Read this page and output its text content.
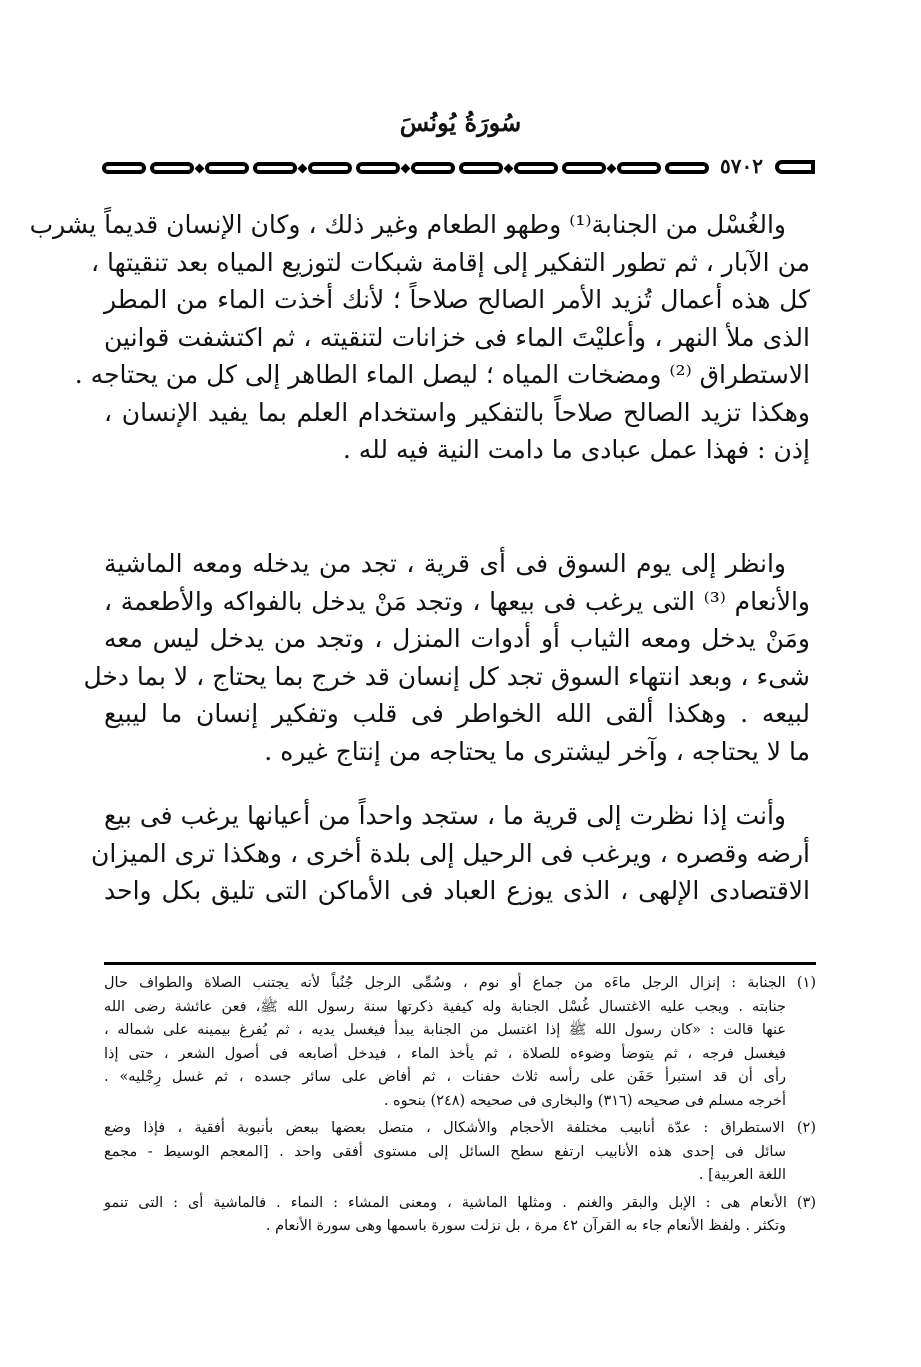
سُورَةُ يُونُسَ
٥٧٠٢
والغُسْل من الجنابة⁽¹⁾ وطهو الطعام وغير ذلك ، وكان الإنسان قديماً يشرب
من الآبار ، ثم تطور التفكير إلى إقامة شبكات لتوزيع المياه بعد تنقيتها ،
كل هذه أعمال تُزيد الأمر الصالح صلاحاً ؛ لأنك أخذت الماء من المطر
الذى ملأ النهر ، وأعليْتَ الماء فى خزانات لتنقيته ، ثم اكتشفت قوانين
الاستطراق ⁽²⁾ ومضخات المياه ؛ ليصل الماء الطاهر إلى كل من يحتاجه .
وهكذا تزيد الصالح صلاحاً بالتفكير واستخدام العلم بما يفيد الإنسان ،
إذن : فهذا عمل عبادى ما دامت النية فيه لله .
وانظر إلى يوم السوق فى أى قرية ، تجد من يدخله ومعه الماشية
والأنعام ⁽³⁾ التى يرغب فى بيعها ، وتجد مَنْ يدخل بالفواكه والأطعمة ،
ومَنْ يدخل ومعه الثياب أو أدوات المنزل ، وتجد من يدخل ليس معه
شىء ، وبعد انتهاء السوق تجد كل إنسان قد خرج بما يحتاج ، لا بما دخل
لبيعه . وهكذا ألقى الله الخواطر فى قلب وتفكير إنسان ما ليبيع
ما لا يحتاجه ، وآخر ليشترى ما يحتاجه من إنتاج غيره .
وأنت إذا نظرت إلى قرية ما ، ستجد واحداً من أعيانها يرغب فى بيع
أرضه وقصره ، ويرغب فى الرحيل إلى بلدة أخرى ، وهكذا ترى الميزان
الاقتصادى الإلهى ، الذى يوزع العباد فى الأماكن التى تليق بكل واحد
(١) الجنابة : إنزال الرجل ماءَه من جماع أو نوم ، وسُمِّى الرجل جُنُباً لأنه يجتنب الصلاة والطواف حال
جنابته . ويجب عليه الاغتسال غُسْل الجنابة وله كيفية ذكرتها سنة رسول الله ﷺ، فعن عائشة رضى الله
عنها قالت : «كان رسول الله ﷺ إذا اغتسل من الجنابة يبدأ فيغسل يديه ، ثم يُفرغ بيمينه على شماله ،
فيغسل فرجه ، ثم يتوضأ وضوءه للصلاة ، ثم يأخذ الماء ، فيدخل أصابعه فى أصول الشعر ، حتى إذا
رأى أن قد استبرأ حَفَن على رأسه ثلاث حفنات ، ثم أفاض على سائر جسده ، ثم غسل رِجْليه» .
أخرجه مسلم فى صحيحه (٣١٦) والبخارى فى صحيحه (٢٤٨) بنحوه .
(٢) الاستطراق : عدّة أنابيب مختلفة الأحجام والأشكال ، متصل بعضها ببعض بأنبوبة أفقية ، فإذا وضع
سائل فى إحدى هذه الأنابيب ارتفع سطح السائل إلى مستوى أفقى واحد . [المعجم الوسيط - مجمع
اللغة العربية] .
(٣) الأنعام هى : الإبل والبقر والغنم . ومثلها الماشية ، ومعنى المشاء : النماء . فالماشية أى : التى تنمو
وتكثر . ولفظ الأنعام جاء به القرآن ٤٢ مرة ، بل نزلت سورة باسمها وهى سورة الأنعام .
